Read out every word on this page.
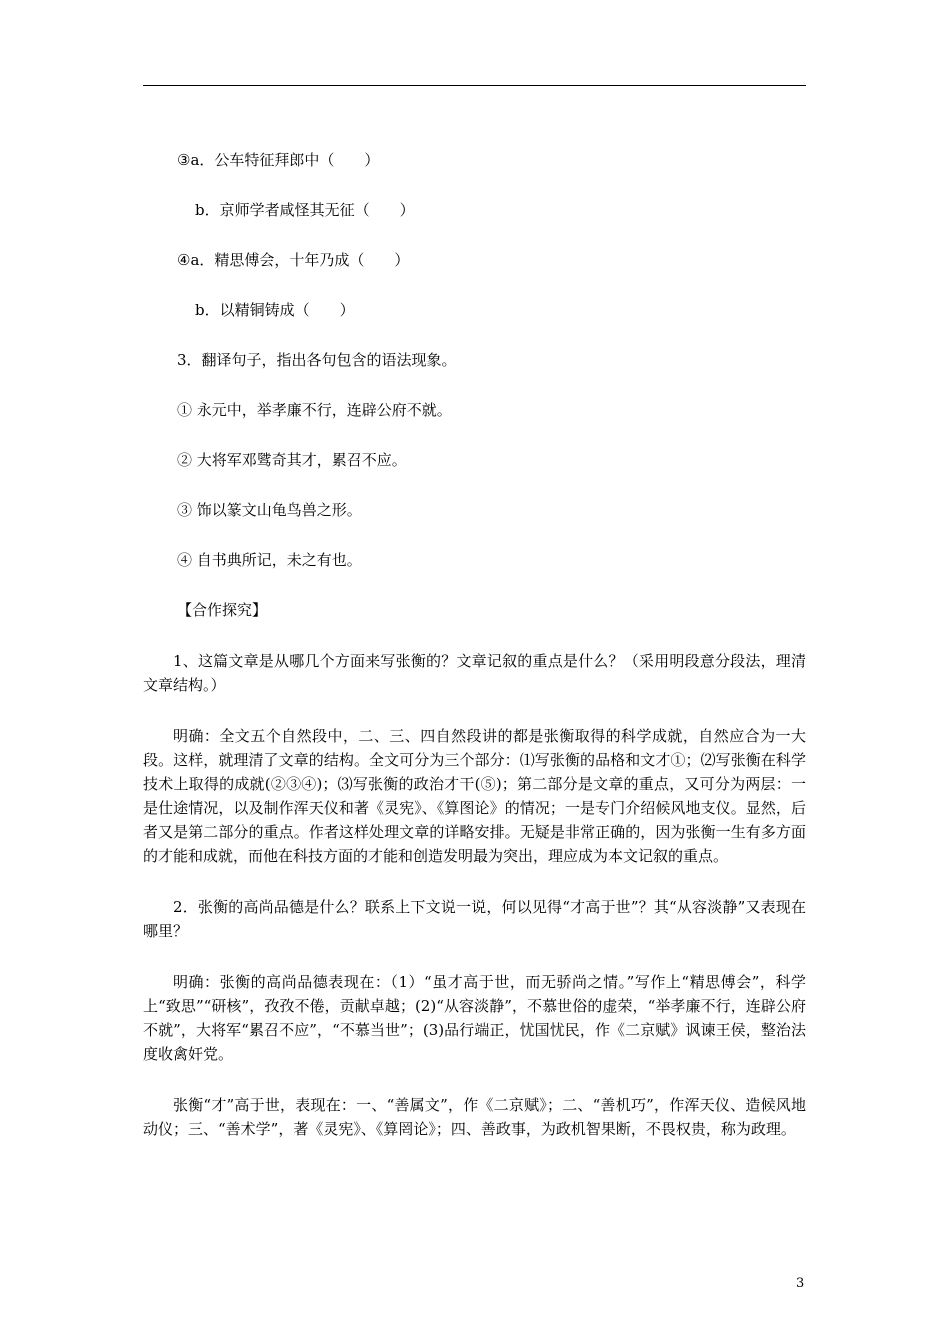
③a．公车特征拜郎中（　　）
b．京师学者咸怪其无征（　　）
④a．精思傅会，十年乃成（　　）
b．以精铜铸成（　　）
3．翻译句子，指出各句包含的语法现象。
① 永元中，举孝廉不行，连辟公府不就。
② 大将军邓骘奇其才，累召不应。
③ 饰以篆文山龟鸟兽之形。
④ 自书典所记，未之有也。
【合作探究】

1、这篇文章是从哪几个方面来写张衡的？文章记叙的重点是什么？（采用明段意分段法，理清文章结构。）

明确：全文五个自然段中，二、三、四自然段讲的都是张衡取得的科学成就，自然应合为一大段。这样，就理清了文章的结构。全文可分为三个部分：⑴写张衡的品格和文才①；⑵写张衡在科学技术上取得的成就(②③④)；⑶写张衡的政治才干(⑤)；第二部分是文章的重点，又可分为两层：一是仕途情况，以及制作浑天仪和著《灵宪》、《算图论》的情况；一是专门介绍候风地支仪。显然，后者又是第二部分的重点。作者这样处理文章的详略安排。无疑是非常正确的，因为张衡一生有多方面的才能和成就，而他在科技方面的才能和创造发明最为突出，理应成为本文记叙的重点。

2．张衡的高尚品德是什么？联系上下文说一说，何以见得“才高于世”？其“从容淡静”又表现在哪里？

明确：张衡的高尚品德表现在：（1）“虽才高于世，而无骄尚之情。”写作上“精思傅会”，科学上“致思”“研核”，孜孜不倦，贡献卓越；(2)“从容淡静”，不慕世俗的虚荣，“举孝廉不行，连辟公府不就”，大将军“累召不应”，“不慕当世”；(3)品行端正，忧国忧民，作《二京赋》讽谏王侯，整治法度收禽奸党。

张衡“才”高于世，表现在：一、“善属文”，作《二京赋》；二、“善机巧”，作浑天仪、造候风地动仪；三、“善术学”，著《灵宪》、《算罔论》；四、善政事，为政机智果断，不畏权贵，称为政理。

3
